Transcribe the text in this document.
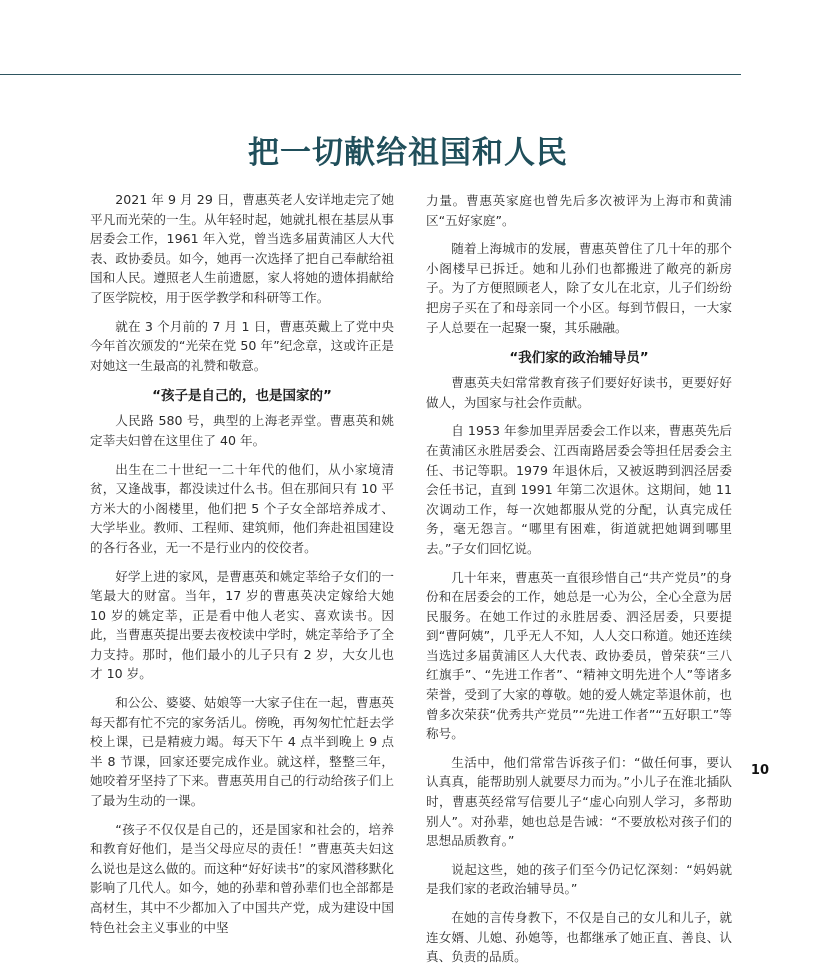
把一切献给祖国和人民

2021 年 9 月 29 日，曹惠英老人安详地走完了她平凡而光荣的一生。从年轻时起，她就扎根在基层从事居委会工作，1961 年入党，曾当选多届黄浦区人大代表、政协委员。如今，她再一次选择了把自己奉献给祖国和人民。遵照老人生前遗愿，家人将她的遗体捐献给了医学院校，用于医学教学和科研等工作。

就在 3 个月前的 7 月 1 日，曹惠英戴上了党中央今年首次颁发的“光荣在党 50 年”纪念章，这或许正是对她这一生最高的礼赞和敬意。

“孩子是自己的，也是国家的”

人民路 580 号，典型的上海老弄堂。曹惠英和姚定莘夫妇曾在这里住了 40 年。

出生在二十世纪一二十年代的他们，从小家境清贫，又逢战事，都没读过什么书。但在那间只有 10 平方米大的小阁楼里，他们把 5 个子女全部培养成才、大学毕业。教师、工程师、建筑师，他们奔赴祖国建设的各行各业，无一不是行业内的佼佼者。

好学上进的家风，是曹惠英和姚定莘给子女们的一笔最大的财富。当年，17 岁的曹惠英决定嫁给大她 10 岁的姚定莘，正是看中他人老实、喜欢读书。因此，当曹惠英提出要去夜校读中学时，姚定莘给予了全力支持。那时，他们最小的儿子只有 2 岁，大女儿也才 10 岁。

和公公、婆婆、姑娘等一大家子住在一起，曹惠英每天都有忙不完的家务活儿。傍晚，再匆匆忙忙赶去学校上课，已是精疲力竭。每天下午 4 点半到晚上 9 点半 8 节课，回家还要完成作业。就这样，整整三年，她咬着牙坚持了下来。曹惠英用自己的行动给孩子们上了最为生动的一课。

“孩子不仅仅是自己的，还是国家和社会的，培养和教育好他们，是当父母应尽的责任！”曹惠英夫妇这么说也是这么做的。而这种“好好读书”的家风潜移默化影响了几代人。如今，她的孙辈和曾孙辈们也全部都是高材生，其中不少都加入了中国共产党，成为建设中国特色社会主义事业的中坚

力量。曹惠英家庭也曾先后多次被评为上海市和黄浦区“五好家庭”。

随着上海城市的发展，曹惠英曾住了几十年的那个小阁楼早已拆迁。她和儿孙们也都搬进了敞亮的新房子。为了方便照顾老人，除了女儿在北京，儿子们纷纷把房子买在了和母亲同一个小区。每到节假日，一大家子人总要在一起聚一聚，其乐融融。

“我们家的政治辅导员”

曹惠英夫妇常常教育孩子们要好好读书，更要好好做人，为国家与社会作贡献。

自 1953 年参加里弄居委会工作以来，曹惠英先后在黄浦区永胜居委会、江西南路居委会等担任居委会主任、书记等职。1979 年退休后，又被返聘到泗泾居委会任书记，直到 1991 年第二次退休。这期间，她 11 次调动工作，每一次她都服从党的分配，认真完成任务，毫无怨言。“哪里有困难，街道就把她调到哪里去。”子女们回忆说。

几十年来，曹惠英一直很珍惜自己“共产党员”的身份和在居委会的工作，她总是一心为公，全心全意为居民服务。在她工作过的永胜居委、泗泾居委，只要提到“曹阿姨”，几乎无人不知，人人交口称道。她还连续当选过多届黄浦区人大代表、政协委员，曾荣获“三八红旗手”、“先进工作者”、“精神文明先进个人”等诸多荣誉，受到了大家的尊敬。她的爱人姚定莘退休前，也曾多次荣获“优秀共产党员”“先进工作者”“五好职工”等称号。

生活中，他们常常告诉孩子们：“做任何事，要认认真真，能帮助别人就要尽力而为。”小儿子在淮北插队时，曹惠英经常写信要儿子“虚心向别人学习，多帮助别人”。对孙辈，她也总是告诫：“不要放松对孩子们的思想品质教育。”

说起这些，她的孩子们至今仍记忆深刻：“妈妈就是我们家的老政治辅导员。”

在她的言传身教下，不仅是自己的女儿和儿子，就连女婿、儿媳、孙媳等，也都继承了她正直、善良、认真、负责的品质。

10
